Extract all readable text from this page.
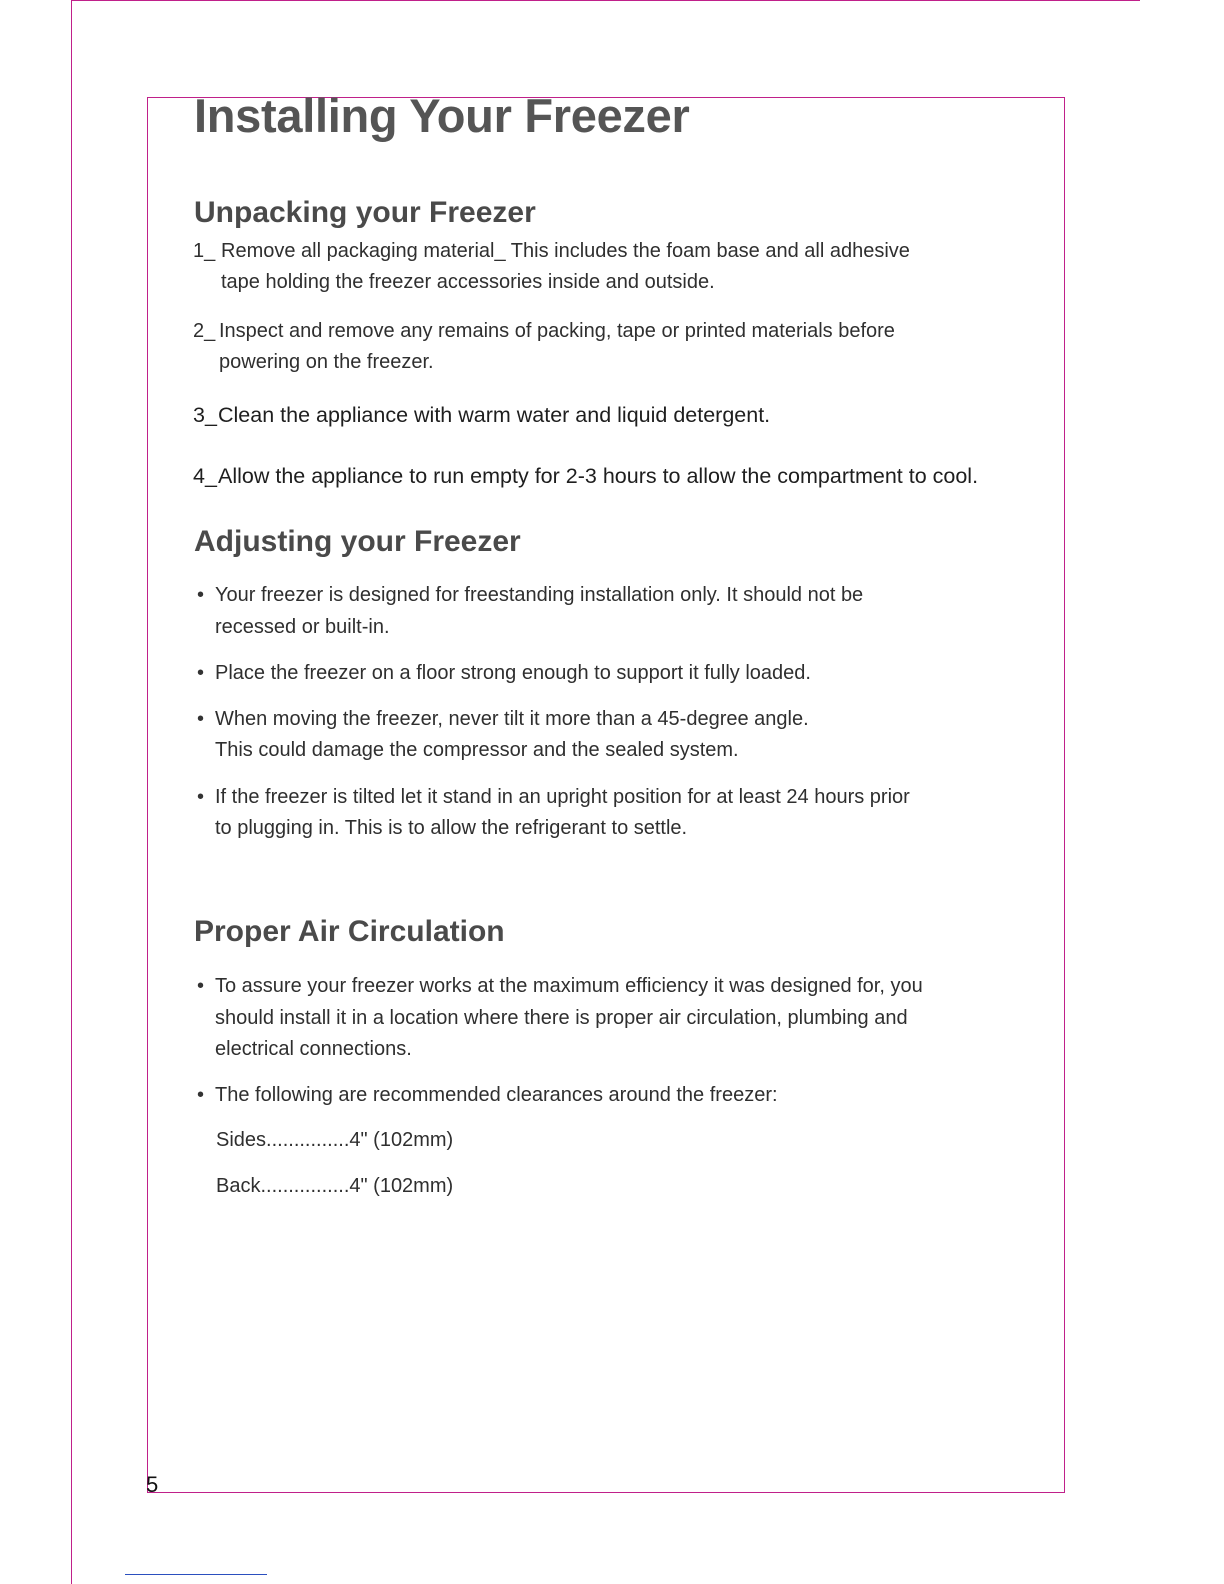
Installing Your Freezer
Unpacking your Freezer
1_ Remove all packaging material_ This includes the foam base and all adhesive
tape holding the freezer accessories inside and outside.
2_ Inspect and remove any remains of packing, tape or printed materials before
powering on the freezer.
3_ Clean the appliance with warm water and liquid detergent.
4_ Allow the appliance to run empty for 2-3 hours to allow the compartment to cool.
Adjusting your Freezer
• Your freezer is designed for freestanding installation only. It should not be
recessed or built-in.
• Place the freezer on a floor strong enough to support it fully loaded.
• When moving the freezer, never tilt it more than a 45-degree angle.
This could damage the compressor and the sealed system.
• If the freezer is tilted let it stand in an upright position for at least 24 hours prior
to plugging in. This is to allow the refrigerant to settle.
Proper Air Circulation
• To assure your freezer works at the maximum efficiency it was designed for, you
should install it in a location where there is proper air circulation, plumbing and
electrical connections.
• The following are recommended clearances around the freezer:
Sides...............4" (102mm)
Back................4" (102mm)
5
